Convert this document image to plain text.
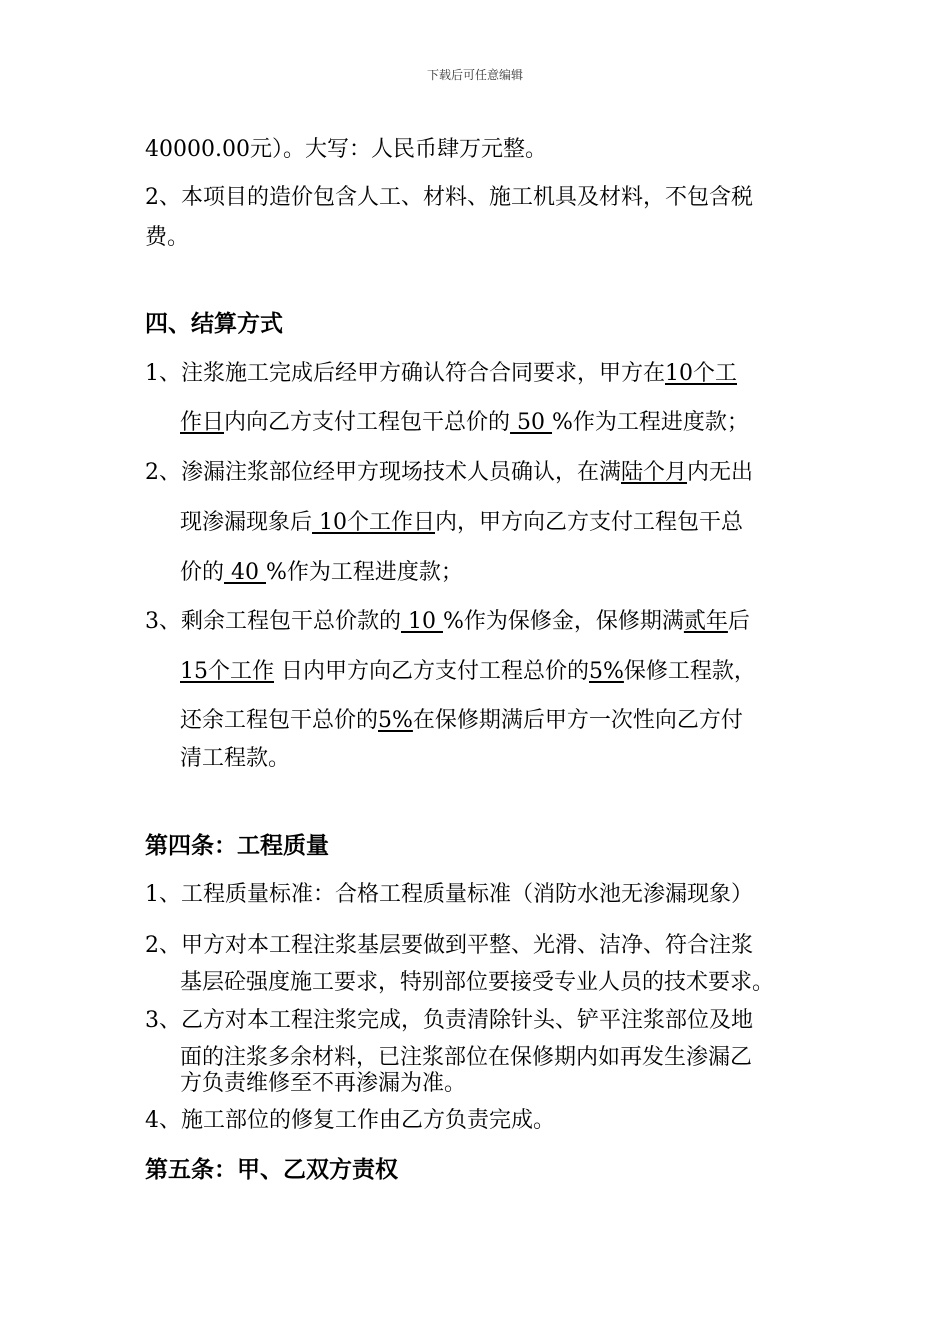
下载后可任意编辑
40000.00元）。大写：人民币肆万元整。
2、本项目的造价包含人工、材料、施工机具及材料，不包含税
费。
四、结算方式
1、注浆施工完成后经甲方确认符合合同要求，甲方在10个工
作日内向乙方支付工程包干总价的 50 %作为工程进度款；
2、渗漏注浆部位经甲方现场技术人员确认，在满陆个月内无出
现渗漏现象后 10个工作日内，甲方向乙方支付工程包干总
价的 40 %作为工程进度款；
3、剩余工程包干总价款的 10 %作为保修金，保修期满贰年后
15个工作 日内甲方向乙方支付工程总价的5%保修工程款，
还余工程包干总价的5%在保修期满后甲方一次性向乙方付
清工程款。
第四条：工程质量
1、工程质量标准：合格工程质量标准（消防水池无渗漏现象）
2、甲方对本工程注浆基层要做到平整、光滑、洁净、符合注浆
基层砼强度施工要求，特别部位要接受专业人员的技术要求。
3、乙方对本工程注浆完成，负责清除针头、铲平注浆部位及地
面的注浆多余材料，已注浆部位在保修期内如再发生渗漏乙
方负责维修至不再渗漏为准。
4、施工部位的修复工作由乙方负责完成。
第五条：甲、乙双方责权
